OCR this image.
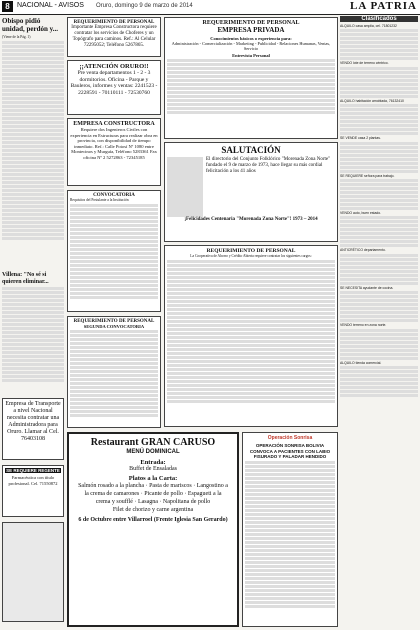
8	NACIONAL - AVISOS Oruro, domingo 9 de marzo de 2014	LA PATRIA
Obispo pidió unidad, perdón y...
(Viene de la Pág. 1)
Villena: "No sé si quieren eliminar...
Empresa de Transporte a nivel Nacional necesita contratar una Administradora para Oruro. Llamar al Cel. 76403108
SE REQUIERE REGENTE
Farmacéutica con título profesional. Cel. 71550872
REQUERIMIENTO DE PERSONAL
Importante Empresa Constructora requiere contratar los servicios de Choferes y un Topógrafo para caminos. Ref.: Al Celular 72295052; Teléfono 5267865.
¡¡ATENCIÓN ORURO!!
Pre venta departamentos 1 - 2 - 3 dormitorios. Oficina - Parque y Bauleros, informes y ventas: 2241523 - 2228591 - 70110111 - 72530760
EMPRESA CONSTRUCTORA
Requiere dos Ingenieros Civiles con experiencia en Estructuras para realizar obra en provincia, con disponibilidad de tiempo inmediato. Ref.: Calle Potosí Nº 1080 entre Montecinos y Murguía, Teléfono 5283361 Fax oficina Nº 2 5272863 - 72345185
CONVOCATORIA
Requisitos del Postulante a la Institución
REQUERIMIENTO DE PERSONAL
SEGUNDA CONVOCATORIA
Restaurant GRAN CARUSO
MENÚ DOMINICAL
Entrada:
Buffet de Ensaladas
Platos a la Carta:
Salmón rosado a la plancha · Pasta de mariscos · Langostino a la crema de camarones · Picante de pollo · Espagueti a la crema y soufflé · Lasagna · Napolitana de pollo
Filet de chorizo y carne argentina
6 de Octubre entre Villarroel (Frente Iglesia San Gerardo)
REQUERIMIENTO DE PERSONAL
EMPRESA PRIVADA
Conocimientos básicos o experiencia para:
Administración - Comercialización - Marketing - Publicidad - Relaciones Humanas, Ventas, Servicio
Entrevista Personal
SALUTACIÓN
El directorio del Conjunto Folklórico "Morenada Zona Norte" fundado el 9 de marzo de 1973, hace llegar su más cordial felicitación a los 41 años
¡Felicidades Centenaria "Morenada Zona Norte"! 1973 – 2014
REQUERIMIENTO DE PERSONAL
La Cooperativa de Ahorro y Crédito Abierta requiere contratar los siguientes cargos:
Operación Sonrisa
OPERACIÓN SONRISA BOLIVIA CONVOCA A PACIENTES CON LABIO FISURADO Y PALADAR HENDIDO
Clasificados

ALQUILO casa amplia, cel. 71801232

VENDO lote de terreno céntrico.

ALQUILO habitación amoblada, 76132410

SE VENDE casa 2 plantas.

SE REQUIERE señora para trabajo.

VENDO auto, buen estado.

ANTICRÉTICO departamento.

SE NECESITA ayudante de cocina.

VENDO terreno en zona norte.

ALQUILO tienda comercial.
